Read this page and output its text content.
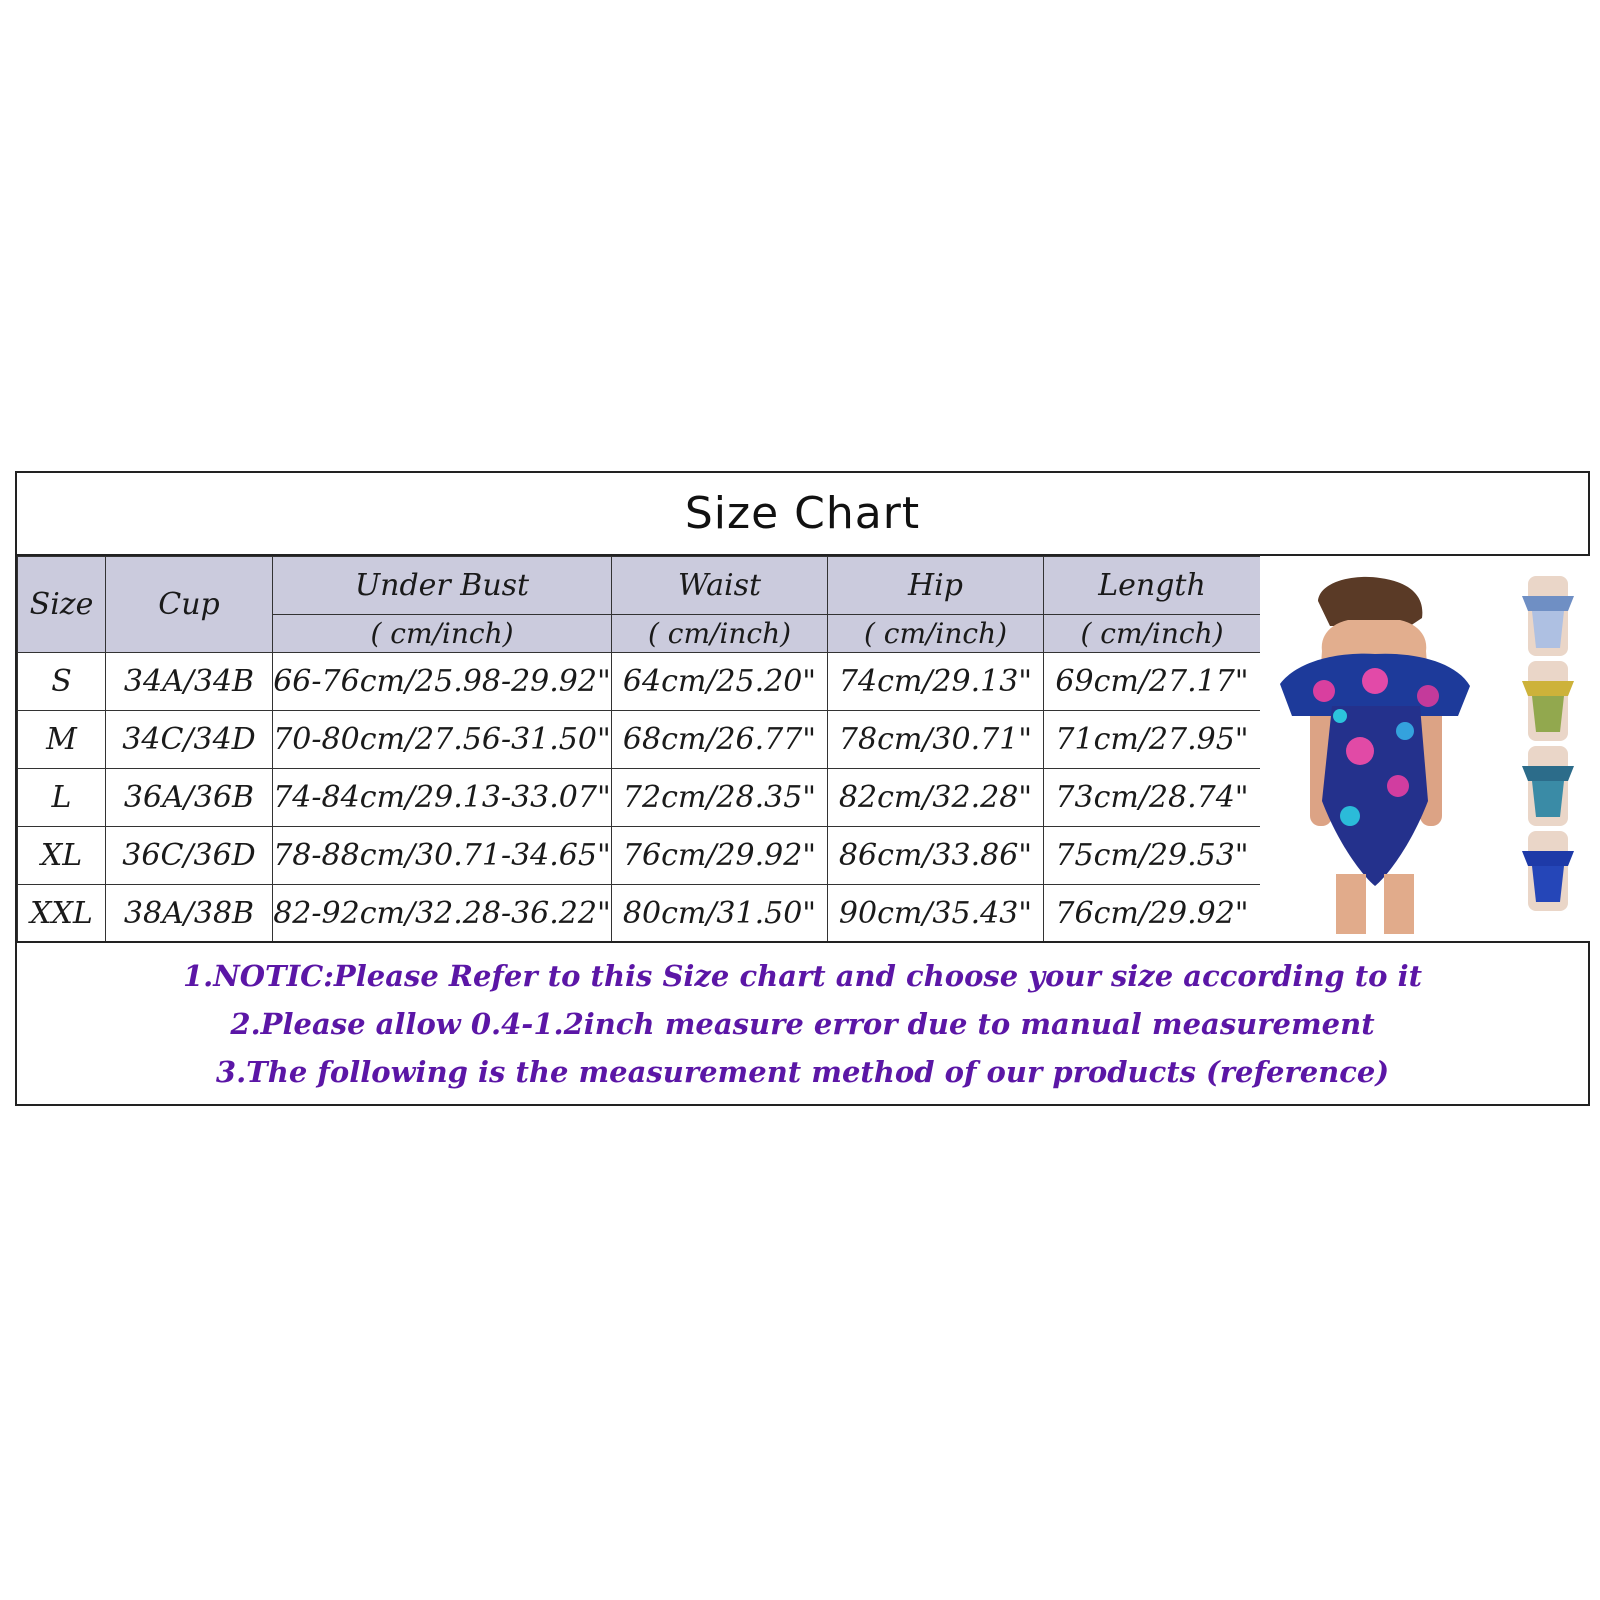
Size Chart
Size	Cup	Under Bust	Waist	Hip	Length
		( cm/inch)	( cm/inch)	( cm/inch)	( cm/inch)
S	34A/34B	66-76cm/25.98-29.92"	64cm/25.20"	74cm/29.13"	69cm/27.17"
M	34C/34D	70-80cm/27.56-31.50"	68cm/26.77"	78cm/30.71"	71cm/27.95"
L	36A/36B	74-84cm/29.13-33.07"	72cm/28.35"	82cm/32.28"	73cm/28.74"
XL	36C/36D	78-88cm/30.71-34.65"	76cm/29.92"	86cm/33.86"	75cm/29.53"
XXL	38A/38B	82-92cm/32.28-36.22"	80cm/31.50"	90cm/35.43"	76cm/29.92"
1.NOTIC:Please Refer to this Size chart and choose your size according to it
2.Please allow 0.4-1.2inch measure error due to manual measurement
3.The following is the measurement method of our products (reference)
